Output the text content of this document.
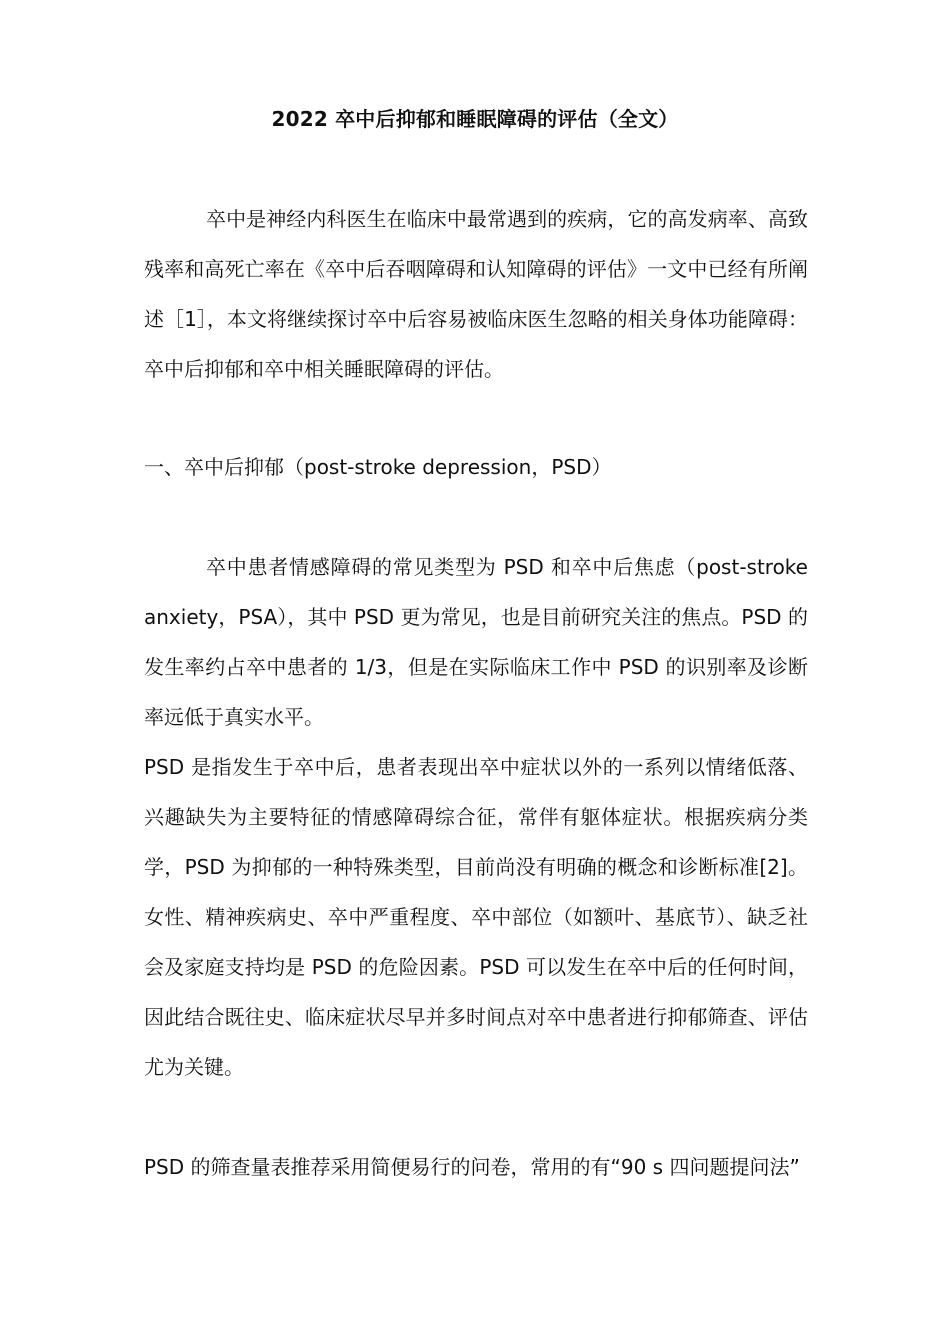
2022 卒中后抑郁和睡眠障碍的评估（全文）

卒中是神经内科医生在临床中最常遇到的疾病，它的高发病率、高致残率和高死亡率在《卒中后吞咽障碍和认知障碍的评估》一文中已经有所阐述［1］，本文将继续探讨卒中后容易被临床医生忽略的相关身体功能障碍：卒中后抑郁和卒中相关睡眠障碍的评估。

一、卒中后抑郁（post-stroke depression，PSD）

卒中患者情感障碍的常见类型为 PSD 和卒中后焦虑（post-stroke anxiety，PSA），其中 PSD 更为常见，也是目前研究关注的焦点。PSD 的发生率约占卒中患者的 1/3，但是在实际临床工作中 PSD 的识别率及诊断率远低于真实水平。

PSD 是指发生于卒中后，患者表现出卒中症状以外的一系列以情绪低落、兴趣缺失为主要特征的情感障碍综合征，常伴有躯体症状。根据疾病分类学，PSD 为抑郁的一种特殊类型，目前尚没有明确的概念和诊断标准[2]。女性、精神疾病史、卒中严重程度、卒中部位（如额叶、基底节）、缺乏社会及家庭支持均是 PSD 的危险因素。PSD 可以发生在卒中后的任何时间，因此结合既往史、临床症状尽早并多时间点对卒中患者进行抑郁筛查、评估尤为关键。

PSD 的筛查量表推荐采用简便易行的问卷，常用的有“90 s 四问题提问法”
